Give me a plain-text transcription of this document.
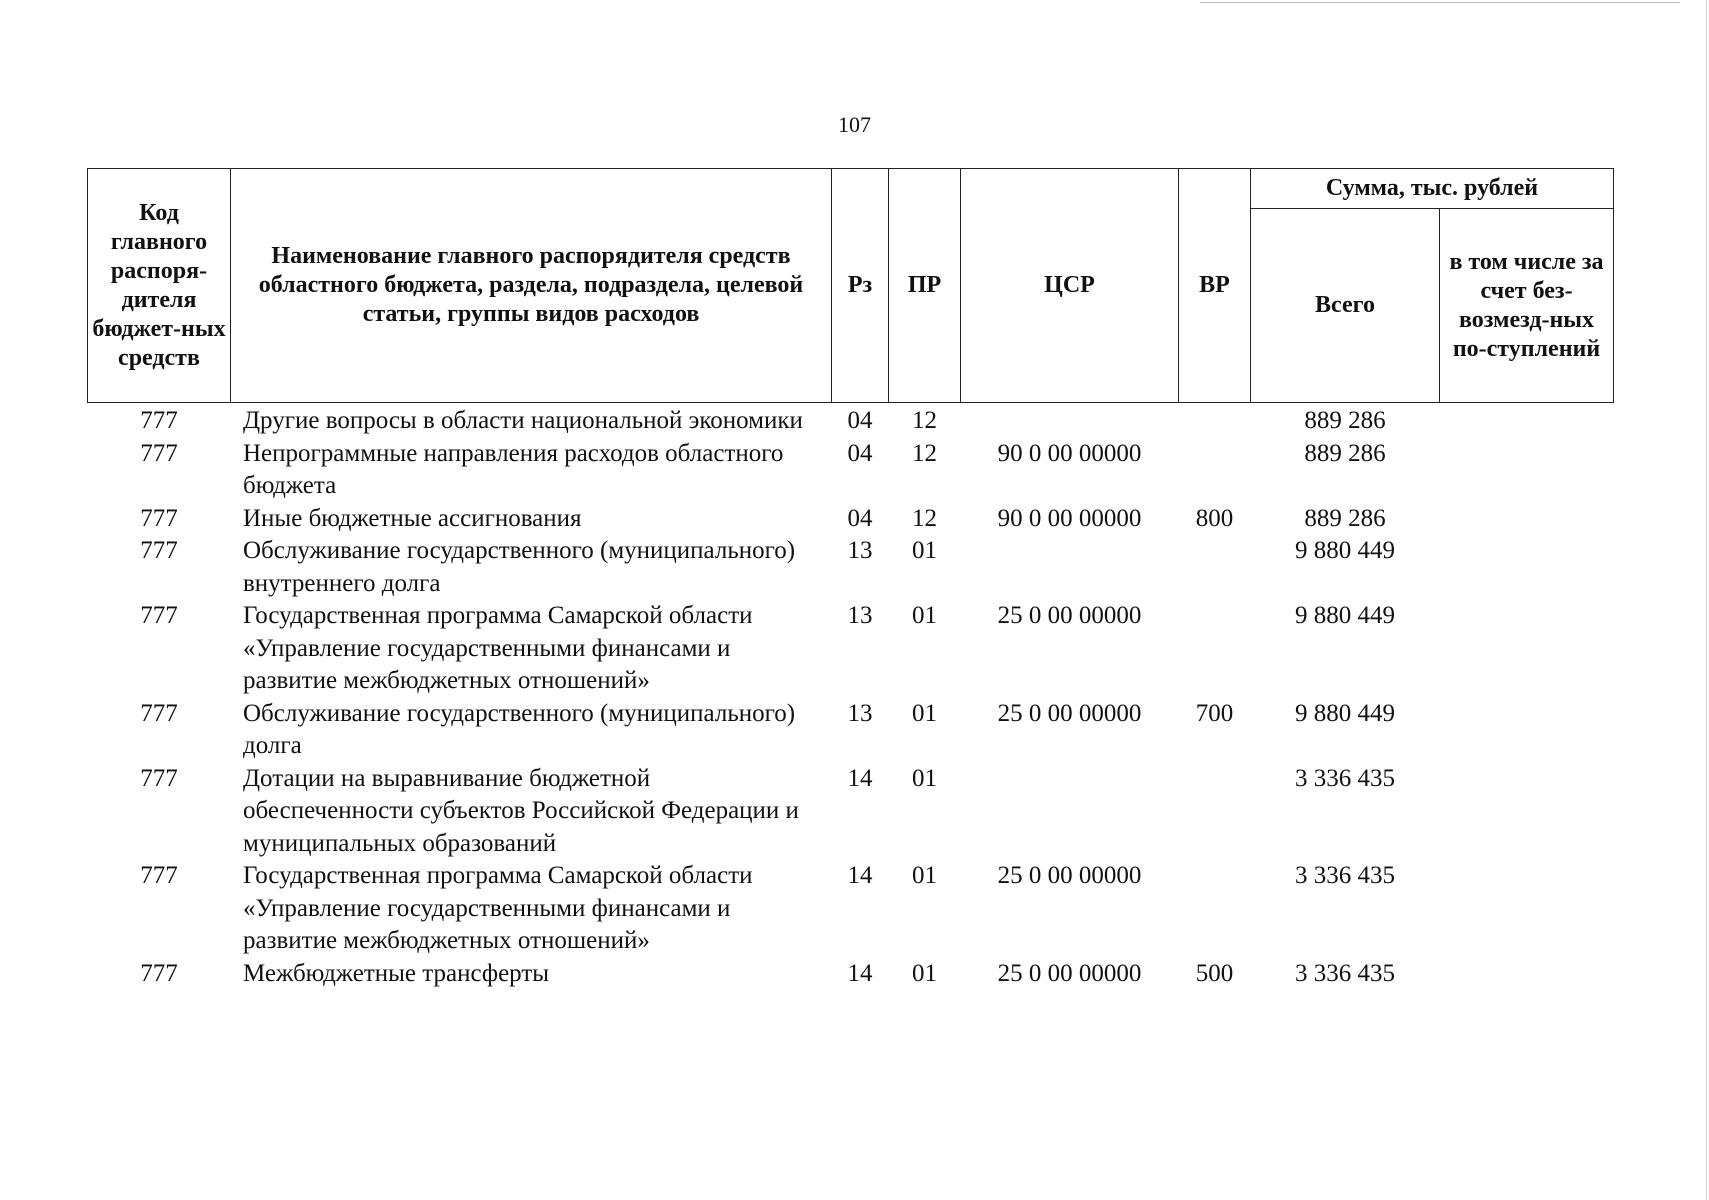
107
Код главного распоря-дителя бюджет-ных средств	Наименование главного распорядителя средств областного бюджета, раздела, подраздела, целевой статьи, группы видов расходов	Рз	ПР	ЦСР	ВР	Сумма, тыс. рублей	
						Всего	в том числе за счет без-возмезд-ных по-ступлений
777	Другие вопросы в области национальной экономики	04	12			889 286	
777	Непрограммные направления расходов областного бюджета	04	12	90 0 00 00000		889 286	
777	Иные бюджетные ассигнования	04	12	90 0 00 00000	800	889 286	
777	Обслуживание государственного (муниципального) внутреннего долга	13	01			9 880 449	
777	Государственная программа Самарской области «Управление государственными финансами и развитие межбюджетных отношений»	13	01	25 0 00 00000		9 880 449	
777	Обслуживание государственного (муниципального) долга	13	01	25 0 00 00000	700	9 880 449	
777	Дотации на выравнивание бюджетной обеспеченности субъектов Российской Федерации и муниципальных образований	14	01			3 336 435	
777	Государственная программа Самарской области «Управление государственными финансами и развитие межбюджетных отношений»	14	01	25 0 00 00000		3 336 435	
777	Межбюджетные трансферты	14	01	25 0 00 00000	500	3 336 435	
